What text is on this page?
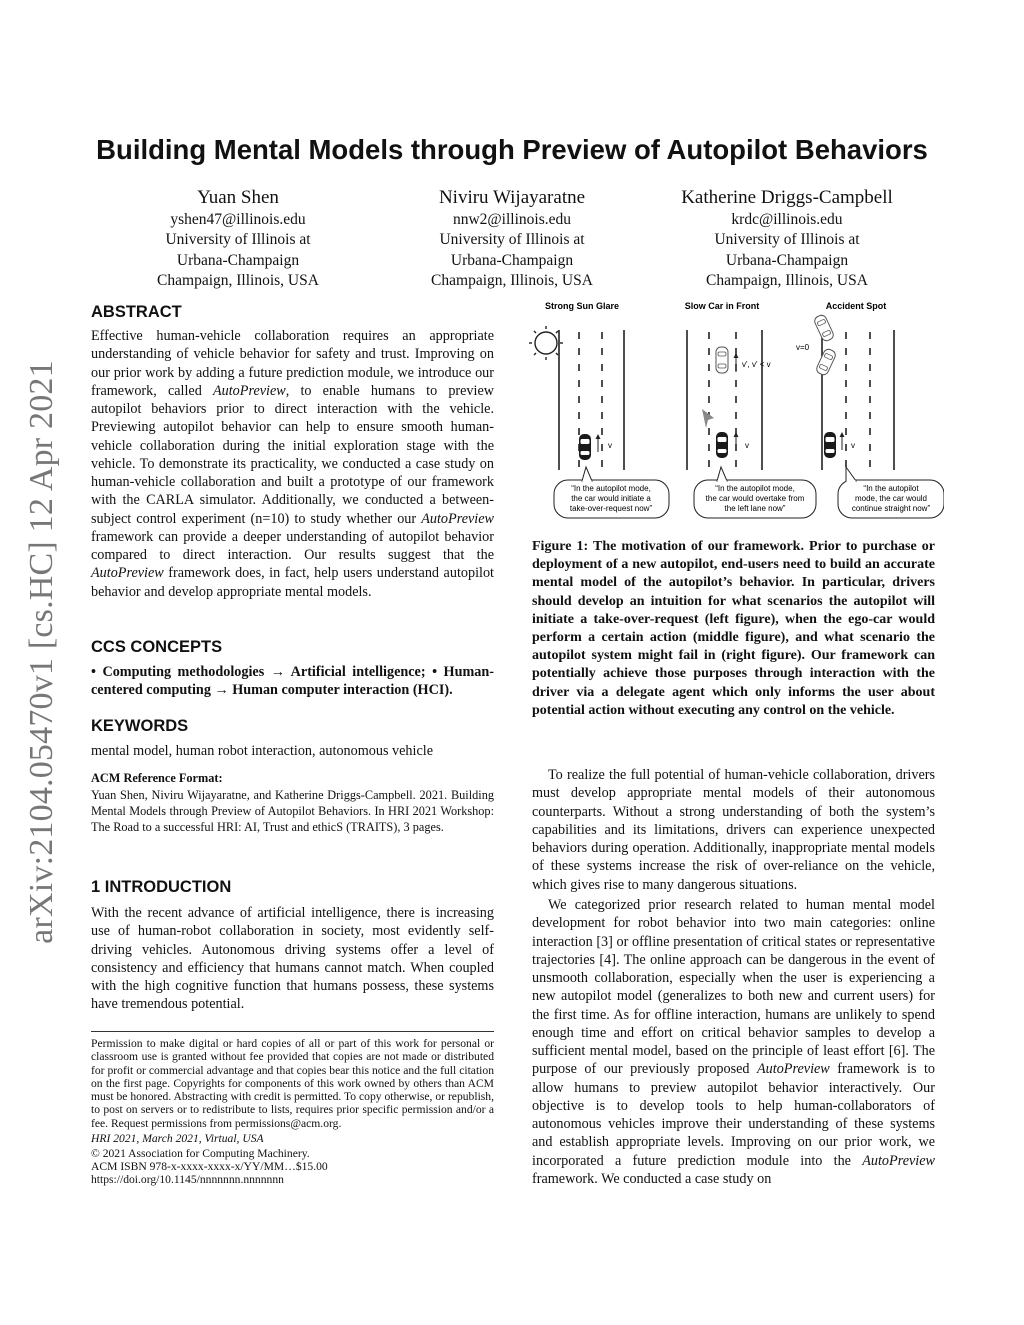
arXiv:2104.05470v1 [cs.HC] 12 Apr 2021
Building Mental Models through Preview of Autopilot Behaviors
Yuan Shen
yshen47@illinois.edu
University of Illinois at
Urbana-Champaign
Champaign, Illinois, USA
Niviru Wijayaratne
nnw2@illinois.edu
University of Illinois at
Urbana-Champaign
Champaign, Illinois, USA
Katherine Driggs-Campbell
krdc@illinois.edu
University of Illinois at
Urbana-Champaign
Champaign, Illinois, USA
ABSTRACT
Effective human-vehicle collaboration requires an appropriate understanding of vehicle behavior for safety and trust. Improving on our prior work by adding a future prediction module, we introduce our framework, called AutoPreview, to enable humans to preview autopilot behaviors prior to direct interaction with the vehicle. Previewing autopilot behavior can help to ensure smooth human-vehicle collaboration during the initial exploration stage with the vehicle. To demonstrate its practicality, we conducted a case study on human-vehicle collaboration and built a prototype of our framework with the CARLA simulator. Additionally, we conducted a between-subject control experiment (n=10) to study whether our AutoPreview framework can provide a deeper understanding of autopilot behavior compared to direct interaction. Our results suggest that the AutoPreview framework does, in fact, help users understand autopilot behavior and develop appropriate mental models.
CCS CONCEPTS
• Computing methodologies → Artificial intelligence; • Human-centered computing → Human computer interaction (HCI).
KEYWORDS
mental model, human robot interaction, autonomous vehicle
ACM Reference Format:
Yuan Shen, Niviru Wijayaratne, and Katherine Driggs-Campbell. 2021. Building Mental Models through Preview of Autopilot Behaviors. In HRI 2021 Workshop: The Road to a successful HRI: AI, Trust and ethicS (TRAITS), 3 pages.
1 INTRODUCTION
With the recent advance of artificial intelligence, there is increasing use of human-robot collaboration in society, most evidently self-driving vehicles. Autonomous driving systems offer a level of consistency and efficiency that humans cannot match. When coupled with the high cognitive function that humans possess, these systems have tremendous potential.
Permission to make digital or hard copies of all or part of this work for personal or classroom use is granted without fee provided that copies are not made or distributed for profit or commercial advantage and that copies bear this notice and the full citation on the first page. Copyrights for components of this work owned by others than ACM must be honored. Abstracting with credit is permitted. To copy otherwise, or republish, to post on servers or to redistribute to lists, requires prior specific permission and/or a fee. Request permissions from permissions@acm.org.
HRI 2021, March 2021, Virtual, USA
© 2021 Association for Computing Machinery.
ACM ISBN 978-x-xxxx-xxxx-x/YY/MM…$15.00
https://doi.org/10.1145/nnnnnnn.nnnnnnn
Strong Sun Glare	Slow Car in Front	Accident Spot
v
v', v' < v
v
v=0
v
“In the autopilot mode,
the car would initiate a
take-over-request now”
“In the autopilot mode,
the car would overtake from
the left lane now”
“In the autopilot
mode, the car would
continue straight now”
Figure 1: The motivation of our framework. Prior to purchase or deployment of a new autopilot, end-users need to build an accurate mental model of the autopilot’s behavior. In particular, drivers should develop an intuition for what scenarios the autopilot will initiate a take-over-request (left figure), when the ego-car would perform a certain action (middle figure), and what scenario the autopilot system might fail in (right figure). Our framework can potentially achieve those purposes through interaction with the driver via a delegate agent which only informs the user about potential action without executing any control on the vehicle.
To realize the full potential of human-vehicle collaboration, drivers must develop appropriate mental models of their autonomous counterparts. Without a strong understanding of both the system’s capabilities and its limitations, drivers can experience unexpected behaviors during operation. Additionally, inappropriate mental models of these systems increase the risk of over-reliance on the vehicle, which gives rise to many dangerous situations.
We categorized prior research related to human mental model development for robot behavior into two main categories: online interaction [3] or offline presentation of critical states or representative trajectories [4]. The online approach can be dangerous in the event of unsmooth collaboration, especially when the user is experiencing a new autopilot model (generalizes to both new and current users) for the first time. As for offline interaction, humans are unlikely to spend enough time and effort on critical behavior samples to develop a sufficient mental model, based on the principle of least effort [6]. The purpose of our previously proposed AutoPreview framework is to allow humans to preview autopilot behavior interactively. Our objective is to develop tools to help human-collaborators of autonomous vehicles improve their understanding of these systems and establish appropriate levels. Improving on our prior work, we incorporated a future prediction module into the AutoPreview framework. We conducted a case study on
